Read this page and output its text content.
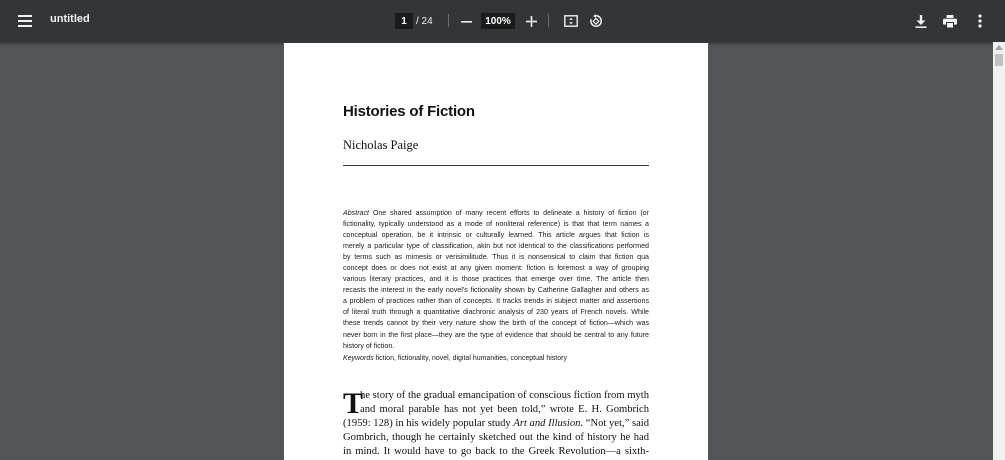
untitled	1 / 24	100%
Histories of Fiction
Nicholas Paige
Abstract One shared assumption of many recent efforts to delineate a history of fiction (or
fictionality, typically understood as a mode of nonliteral reference) is that that term names a
conceptual operation, be it intrinsic or culturally learned. This article argues that fiction is
merely a particular type of classification, akin but not identical to the classifications performed
by terms such as mimesis or verisimilitude. Thus it is nonsensical to claim that fiction qua
concept does or does not exist at any given moment: fiction is foremost a way of grouping
various literary practices, and it is those practices that emerge over time. The article then
recasts the interest in the early novel’s fictionality shown by Catherine Gallagher and others as
a problem of practices rather than of concepts. It tracks trends in subject matter and assertions
of literal truth through a quantitative diachronic analysis of 230 years of French novels. While
these trends cannot by their very nature show the birth of the concept of fiction—which was
never born in the first place—they are the type of evidence that should be central to any future
history of fiction.
Keywords fiction, fictionality, novel, digital humanities, conceptual history
T
he story of the gradual emancipation of conscious fiction from myth
and moral parable has not yet been told,” wrote E. H. Gombrich
(1959: 128) in his widely popular study Art and Illusion. “Not yet,” said
Gombrich, though he certainly sketched out the kind of history he had
in mind. It would have to go back to the Greek Revolution—a sixth-
